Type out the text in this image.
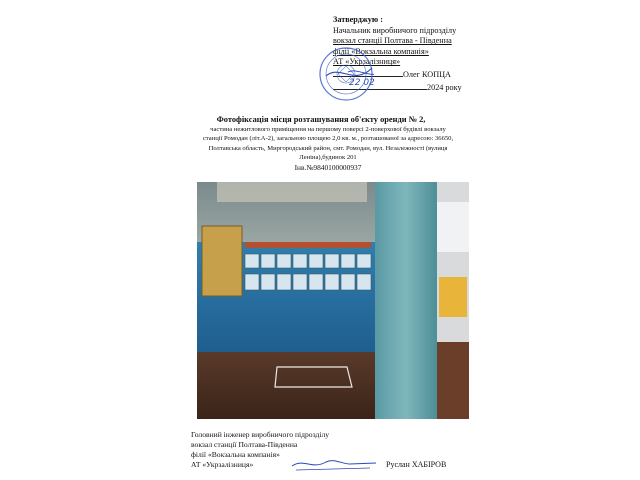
Затверджую :
Начальник виробничого підрозділу
вокзал станції Полтава - Південна
філії «Вокзальна компанія»
АТ «Укрзалізниця»
Олег КОПЦА
2024 року
22 02
Фотофіксація місця розташування об'єкту оренди № 2,
частина нежитлового приміщення на першому поверсі 2-поверхової будівлі вокзалу
станції Ромодан (літ.А-2), загальною площею 2,0 кв. м., розташованої за адресою: 36650,
Полтавська область, Миргородський район, смт. Ромодан, вул. Незалежності (вулиця
Леніна),будинок 201
Інв.№9840100000937
Головний інженер виробничого підрозділу
вокзал станції Полтава-Південна
філії «Вокзальна компанія»
АТ «Укрзалізниця»	Руслан ХАБІРОВ
